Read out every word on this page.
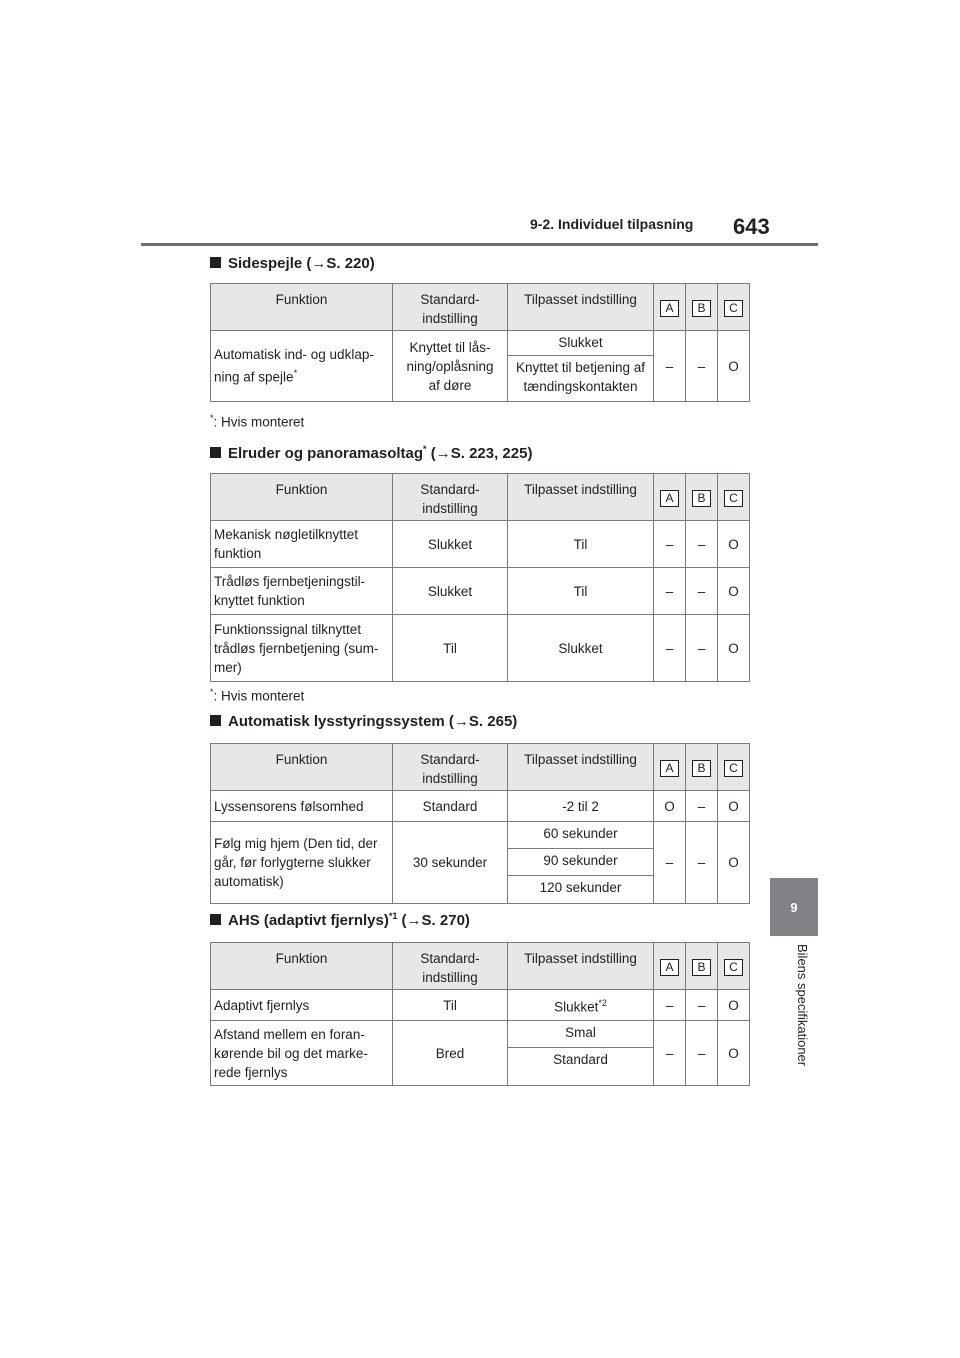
9-2. Individuel tilpasning 643
9
Bilens specifikationer
Sidespejle (→S. 220)
Funktion	Standard-
indstilling	Tilpasset indstilling	A	B	C
Automatisk ind- og udklap-
ning af spejle*	Knyttet til lås-
ning/oplåsning
af døre	Slukket	–	–	O
		Knyttet til betjening af
tændingskontakten			
*: Hvis monteret
Elruder og panoramasoltag* (→S. 223, 225)
Funktion	Standard-
indstilling	Tilpasset indstilling	A	B	C
Mekanisk nøgletilknyttet
funktion	Slukket	Til	–	–	O
Trådløs fjernbetjeningstil-
knyttet funktion	Slukket	Til	–	–	O
Funktionssignal tilknyttet
trådløs fjernbetjening (sum-
mer)	Til	Slukket	–	–	O
*: Hvis monteret
Automatisk lysstyringssystem (→S. 265)
Funktion	Standard-
indstilling	Tilpasset indstilling	A	B	C
Lyssensorens følsomhed	Standard	-2 til 2	O	–	O
Følg mig hjem (Den tid, der
går, før forlygterne slukker
automatisk)	30 sekunder	60 sekunder	–	–	O
		90 sekunder			
		120 sekunder			
AHS (adaptivt fjernlys)$^{*1}$ (→S. 270)
Funktion	Standard-
indstilling	Tilpasset indstilling	A	B	C
Adaptivt fjernlys	Til	Slukket$^{*2}$	–	–	O
Afstand mellem en foran-
kørende bil og det marke-
rede fjernlys	Bred	Smal	–	–	O
		Standard			
